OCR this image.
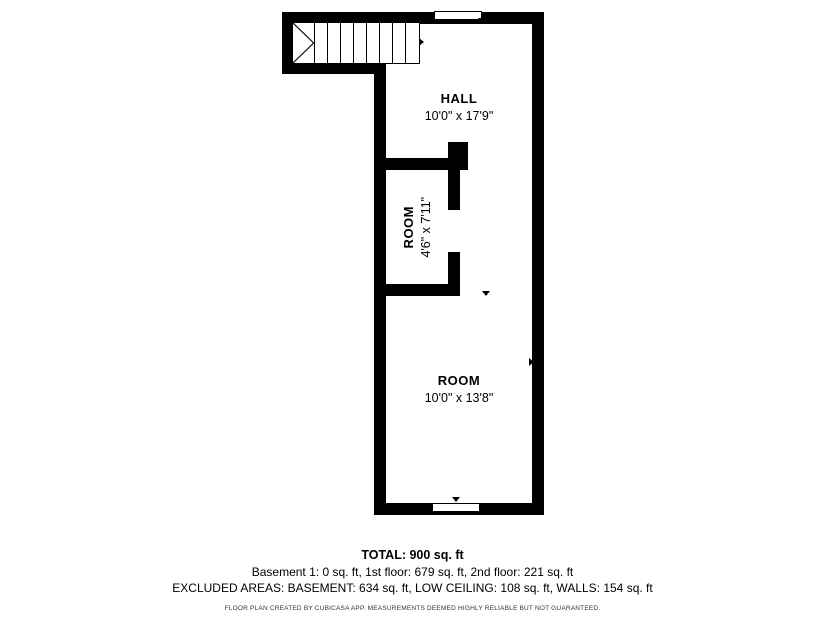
HALL
10'0" x 17'9"
ROOM 4'6" x 7'11"
ROOM
10'0" x 13'8"
TOTAL: 900 sq. ft
Basement 1: 0 sq. ft, 1st floor: 679 sq. ft, 2nd floor: 221 sq. ft
EXCLUDED AREAS: BASEMENT: 634 sq. ft, LOW CEILING: 108 sq. ft, WALLS: 154 sq. ft
FLOOR PLAN CREATED BY CUBICASA APP. MEASUREMENTS DEEMED HIGHLY RELIABLE BUT NOT GUARANTEED.
